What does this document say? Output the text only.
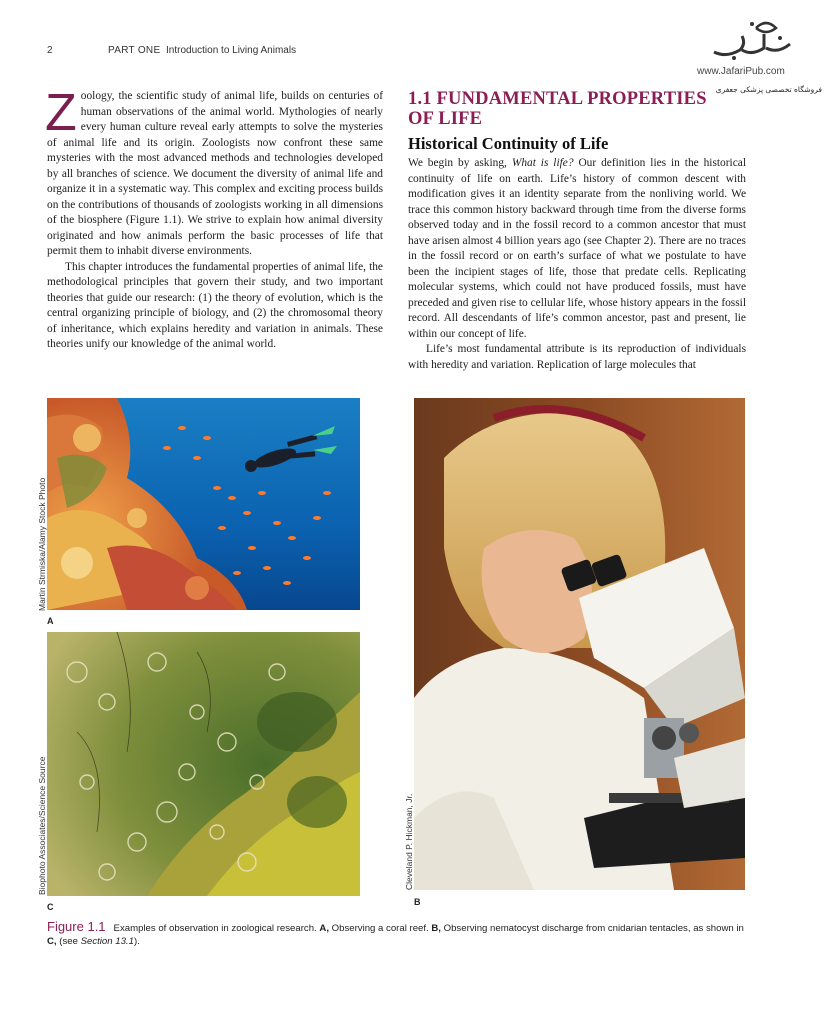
2	PART ONE Introduction to Living Animals
www.JafariPub.com
فروشگاه تخصصی پزشکی جعفری

Zoology, the scientific study of animal life, builds on centuries of human observations of the animal world. Mythologies of nearly every human culture reveal early attempts to solve the mysteries of animal life and its origin. Zoologists now confront these same mysteries with the most advanced methods and technologies developed by all branches of science. We document the diversity of animal life and organize it in a systematic way. This complex and exciting process builds on the contributions of thousands of zoologists working in all dimensions of the biosphere (Figure 1.1). We strive to explain how animal diversity originated and how animals perform the basic processes of life that permit them to inhabit diverse environments.

This chapter introduces the fundamental properties of animal life, the methodological principles that govern their study, and two important theories that guide our research: (1) the theory of evolution, which is the central organizing principle of biology, and (2) the chromosomal theory of inheritance, which explains heredity and variation in animals. These theories unify our knowledge of the animal world.

1.1 FUNDAMENTAL PROPERTIES
OF LIFE
Historical Continuity of Life

We begin by asking, What is life? Our definition lies in the historical continuity of life on earth. Life’s history of common descent with modification gives it an identity separate from the nonliving world. We trace this common history backward through time from the diverse forms observed today and in the fossil record to a common ancestor that must have arisen almost 4 billion years ago (see Chapter 2). There are no traces in the fossil record or on earth’s surface of what we postulate to have been the incipient stages of life, those that predate cells. Replicating molecular systems, which could not have produced fossils, must have preceded and given rise to cellular life, whose history appears in the fossil record. All descendants of life’s common ancestor, past and present, lie within our concept of life.

Life’s most fundamental attribute is its reproduction of individuals with heredity and variation. Replication of large molecules that

Martin Strmiska/Alamy Stock Photo
Biophoto Associates/Science Source	Cleveland P. Hickman, Jr.
A
C	B
Figure 1.1 Examples of observation in zoological research. A, Observing a coral reef. B, Observing nematocyst discharge from cnidarian tentacles, as shown in C, (see Section 13.1).
